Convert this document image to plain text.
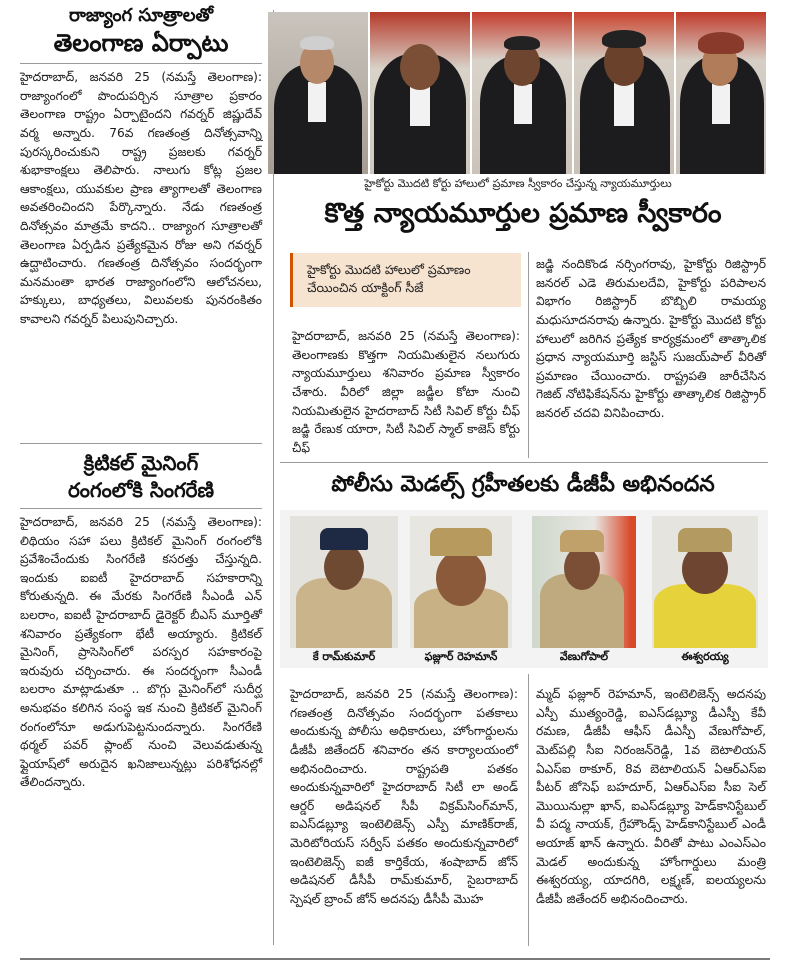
రాజ్యాంగ సూత్రాలతో
తెలంగాణ ఏర్పాటు

హైదరాబాద్, జనవరి 25 (నమస్తే తెలంగాణ): రాజ్యాంగంలో పొందుపర్చిన సూత్రాల ప్రకారం తెలంగాణ రాష్ట్రం ఏర్పాటైందని గవర్నర్ జిష్ణుదేవ్ వర్మ అన్నారు. 76వ గణతంత్ర దినోత్సవాన్ని పురస్కరించుకుని రాష్ట్ర ప్రజలకు గవర్నర్ శుభాకాంక్షలు తెలిపారు. నాలుగు కోట్ల ప్రజల ఆకాంక్షలు, యువకుల ప్రాణ త్యాగాలతో తెలంగాణ అవతరించిందని పేర్కొన్నారు. నేడు గణతంత్ర దినోత్సవం మాత్రమే కాదని.. రాజ్యాంగ సూత్రాలతో తెలంగాణ ఏర్పడిన ప్రత్యేకమైన రోజు అని గవర్నర్ ఉద్ఘాటించారు. గణతంత్ర దినోత్సవం సందర్భంగా మనమంతా భారత రాజ్యాంగంలోని ఆలోచనలు, హక్కులు, బాధ్యతలు, విలువలకు పునరంకితం కావాలని గవర్నర్ పిలుపునిచ్చారు.

క్రిటికల్ మైనింగ్
రంగంలోకి సింగరేణి

హైదరాబాద్, జనవరి 25 (నమస్తే తెలంగాణ): లిథియం సహా పలు క్రిటికల్ మైనింగ్ రంగంలోకి ప్రవేశించేందుకు సింగరేణి కసరత్తు చేస్తున్నది. ఇందుకు ఐఐటీ హైదరాబాద్ సహకారాన్ని కోరుతున్నది. ఈ మేరకు సింగరేణి సీఎండీ ఎన్ బలరాం, ఐఐటీ హైదరాబాద్ డైరెక్టర్ బీఎస్ మూర్తితో శనివారం ప్రత్యేకంగా భేటీ అయ్యారు. క్రిటికల్ మైనింగ్, ప్రాసెసింగ్‌లో పరస్పర సహకారంపై ఇరువురు చర్చించారు. ఈ సందర్భంగా సీఎండీ బలరాం మాట్లాడుతూ .. బొగ్గు మైనింగ్‌లో సుదీర్ఘ అనుభవం కలిగిన సంస్థ ఇక నుంచి క్రిటికల్ మైనింగ్ రంగంలోనూ అడుగుపెట్టనుందన్నారు. సింగరేణి థర్మల్ పవర్ ప్లాంట్ నుంచి వెలువడుతున్న ఫ్లైయాష్‌లో అరుదైన ఖనిజాలున్నట్లు పరిశోధనల్లో తేలిందన్నారు.

హైకోర్టు మొదటి కోర్టు హాలులో ప్రమాణ స్వీకారం చేస్తున్న న్యాయమూర్తులు
కొత్త న్యాయమూర్తుల ప్రమాణ స్వీకారం
హైకోర్టు మొదటి హాలులో ప్రమాణం చేయించిన యాక్టింగ్ సీజే

హైదరాబాద్, జనవరి 25 (నమస్తే తెలంగాణ): తెలంగాణకు కొత్తగా నియమితులైన నలుగురు న్యాయమూర్తులు శనివారం ప్రమాణ స్వీకారం చేశారు. వీరిలో జిల్లా జడ్జీల కోటా నుంచి నియమితులైన హైదరాబాద్ సిటీ సివిల్ కోర్టు చీఫ్ జడ్జి రేణుక యారా, సిటీ సివిల్ స్మాల్ కాజెస్ కోర్టు చీఫ్

జడ్జి నందికొండ నర్సింగరావు, హైకోర్టు రిజిస్ట్రార్ జనరల్ ఎడె తిరుమలదేవి, హైకోర్టు పరిపాలన విభాగం రిజిస్ట్రార్ బొబ్బిలి రామయ్య మధుసూదనరావు ఉన్నారు. హైకోర్టు మొదటి కోర్టు హాలులో జరిగిన ప్రత్యేక కార్యక్రమంలో తాత్కాలిక ప్రధాన న్యాయమూర్తి జస్టిస్ సుజయ్‌పాల్ వీరితో ప్రమాణం చేయించారు. రాష్ట్రపతి జారీచేసిన గెజిట్ నోటిఫికేషన్‌ను హైకోర్టు తాత్కాలిక రిజిస్ట్రార్ జనరల్ చదవి వినిపించారు.

పోలీసు మెడల్స్ గ్రహీతలకు డీజీపీ అభినందన
కే రామ్‌కుమార్	ఫజ్లూర్ రెహమాన్	వేణుగోపాల్	ఈశ్వరయ్య

హైదరాబాద్, జనవరి 25 (నమస్తే తెలంగాణ): గణతంత్ర దినోత్సవం సందర్భంగా పతకాలు అందుకున్న పోలీసు అధికారులు, హోంగార్డులను డీజీపీ జితేందర్ శనివారం తన కార్యాలయంలో అభినందించారు. రాష్ట్రపతి పతకం అందుకున్నవారిలో హైదరాబాద్ సిటీ లా అండ్ ఆర్డర్ అడిషనల్ సీపీ విక్రమ్‌సింగ్‌మాన్, ఐఎస్‌డబ్ల్యూ ఇంటెలిజెన్స్ ఎస్పీ మాణిక్‌రాజ్, మెరిటోరియస్ సర్వీస్ పతకం అందుకున్నవారిలో ఇంటెలిజెన్స్ ఐజీ కార్తికేయ, శంషాబాద్ జోన్ అడిషనల్ డీసీపీ రామ్‌కుమార్, సైబరాబాద్ స్పెషల్ బ్రాంచ్ జోన్ అదనపు డీసీపీ మొహ

మ్మద్ ఫజ్లూర్ రెహమాన్, ఇంటెలిజెన్స్ అదనపు ఎస్పీ ముత్యంరెడ్డి, ఐఎస్‌డబ్ల్యూ డీఎస్పీ కేవీ రమణ, డీజీపీ ఆఫీస్ డీఎస్పీ వేణుగోపాల్, మెట్‌పల్లి సీఐ నిరంజన్‌రెడ్డి, 1వ బెటాలియన్ ఏఎస్ఐ ఠాకూర్, 8వ బెటాలియన్ ఏఆర్ఎస్ఐ పీటర్ జోసెఫ్ బహదూర్, ఏఆర్ఎస్ఐ సీఐ సెల్ మొయినుల్లా ఖాన్, ఐఎస్‌డబ్ల్యూ హెడ్‌కానిస్టేబుల్ వీ పద్మ నాయక్, గ్రేహౌండ్స్ హెడ్‌కానిస్టేబుల్ ఎండీ అయాజ్ ఖాన్ ఉన్నారు. వీరితో పాటు ఎంఎస్ఎం మెడల్ అందుకున్న హోంగార్డులు మంత్రి ఈశ్వరయ్య, యాదగిరి, లక్ష్మణ్, ఐలయ్యలను డీజీపీ జితేందర్ అభినందించారు.
